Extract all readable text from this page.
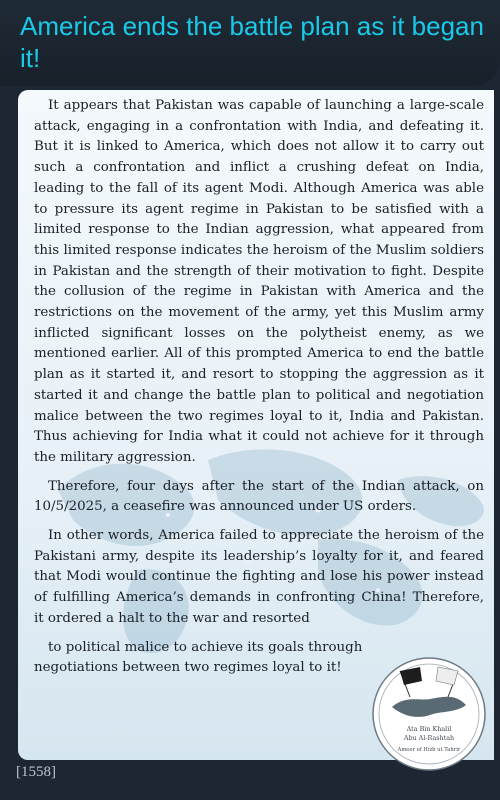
America ends the battle plan as it began it!

It appears that Pakistan was capable of launching a large-scale attack, engaging in a confrontation with India, and defeating it. But it is linked to America, which does not allow it to carry out such a confrontation and inflict a crushing defeat on India, leading to the fall of its agent Modi. Although America was able to pressure its agent regime in Pakistan to be satisfied with a limited response to the Indian aggression, what appeared from this limited response indicates the heroism of the Muslim soldiers in Pakistan and the strength of their motivation to fight. Despite the collusion of the regime in Pakistan with America and the restrictions on the movement of the army, yet this Muslim army inflicted significant losses on the polytheist enemy, as we mentioned earlier. All of this prompted America to end the battle plan as it started it, and resort to stopping the aggression as it started it and change the battle plan to political and negotiation malice between the two regimes loyal to it, India and Pakistan. Thus achieving for India what it could not achieve for it through the military aggression.

Therefore, four days after the start of the Indian attack, on 10/5/2025, a ceasefire was announced under US orders.

In other words, America failed to appreciate the heroism of the Pakistani army, despite its leadership’s loyalty for it, and feared that Modi would continue the fighting and lose his power instead of fulfilling America’s demands in confronting China! Therefore, it ordered a halt to the war and resorted

to political malice to achieve its goals through negotiations between two regimes loyal to it!

[1558]
Ata Bin Khalil
Abu Al-Rashtah
Ameer of Hizb ut Tahrir
